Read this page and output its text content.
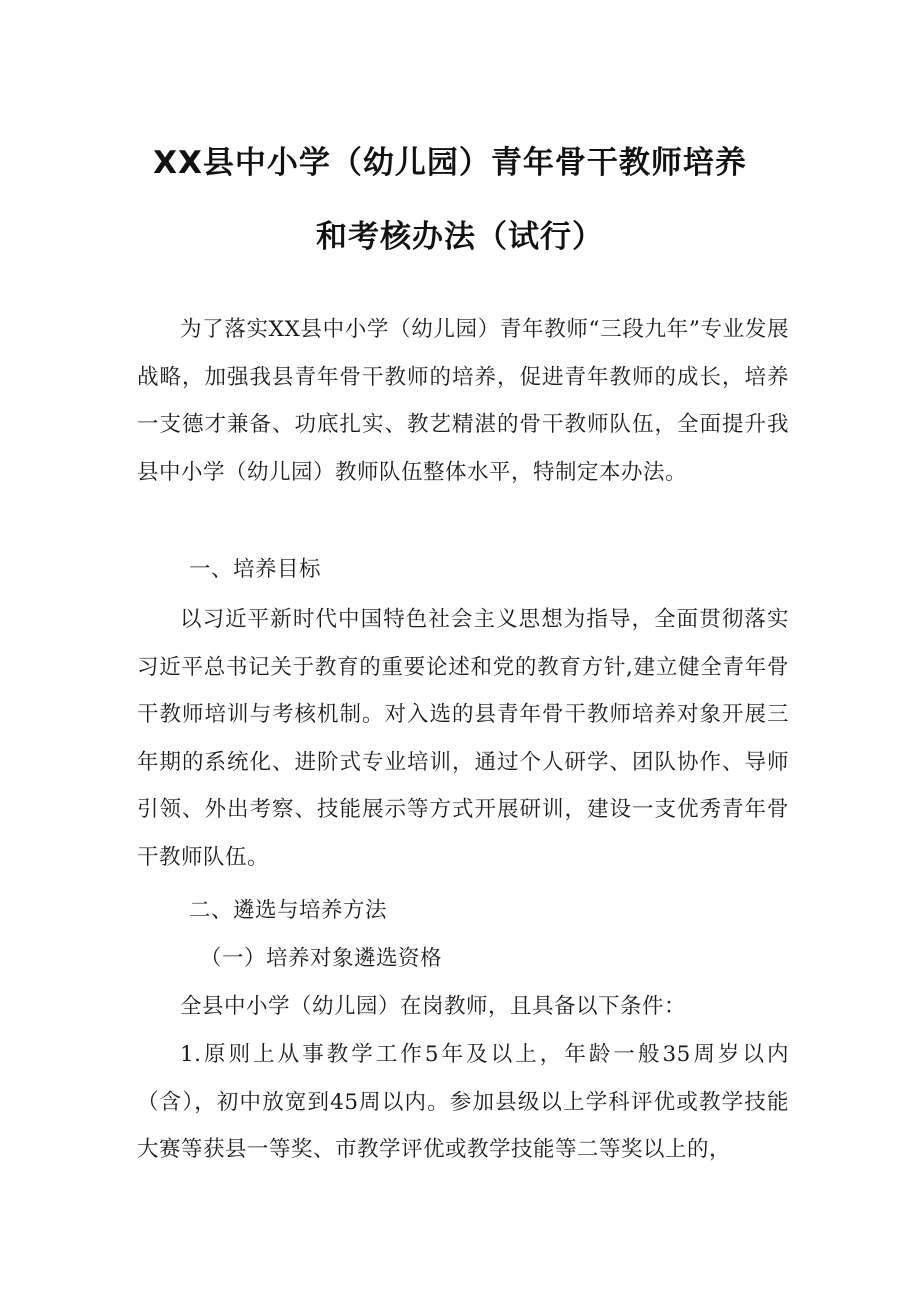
XX县中小学（幼儿园）青年骨干教师培养
和考核办法（试行）

为了落实XX县中小学（幼儿园）青年教师“三段九年”专业发展战略，加强我县青年骨干教师的培养，促进青年教师的成长，培养一支德才兼备、功底扎实、教艺精湛的骨干教师队伍，全面提升我县中小学（幼儿园）教师队伍整体水平，特制定本办法。

一、培养目标

以习近平新时代中国特色社会主义思想为指导，全面贯彻落实习近平总书记关于教育的重要论述和党的教育方针,建立健全青年骨干教师培训与考核机制。对入选的县青年骨干教师培养对象开展三年期的系统化、进阶式专业培训，通过个人研学、团队协作、导师引领、外出考察、技能展示等方式开展研训，建设一支优秀青年骨干教师队伍。

二、遴选与培养方法

（一）培养对象遴选资格

全县中小学（幼儿园）在岗教师，且具备以下条件：

1.原则上从事教学工作5年及以上，年龄一般35周岁以内（含），初中放宽到45周以内。参加县级以上学科评优或教学技能大赛等获县一等奖、市教学评优或教学技能等二等奖以上的，
